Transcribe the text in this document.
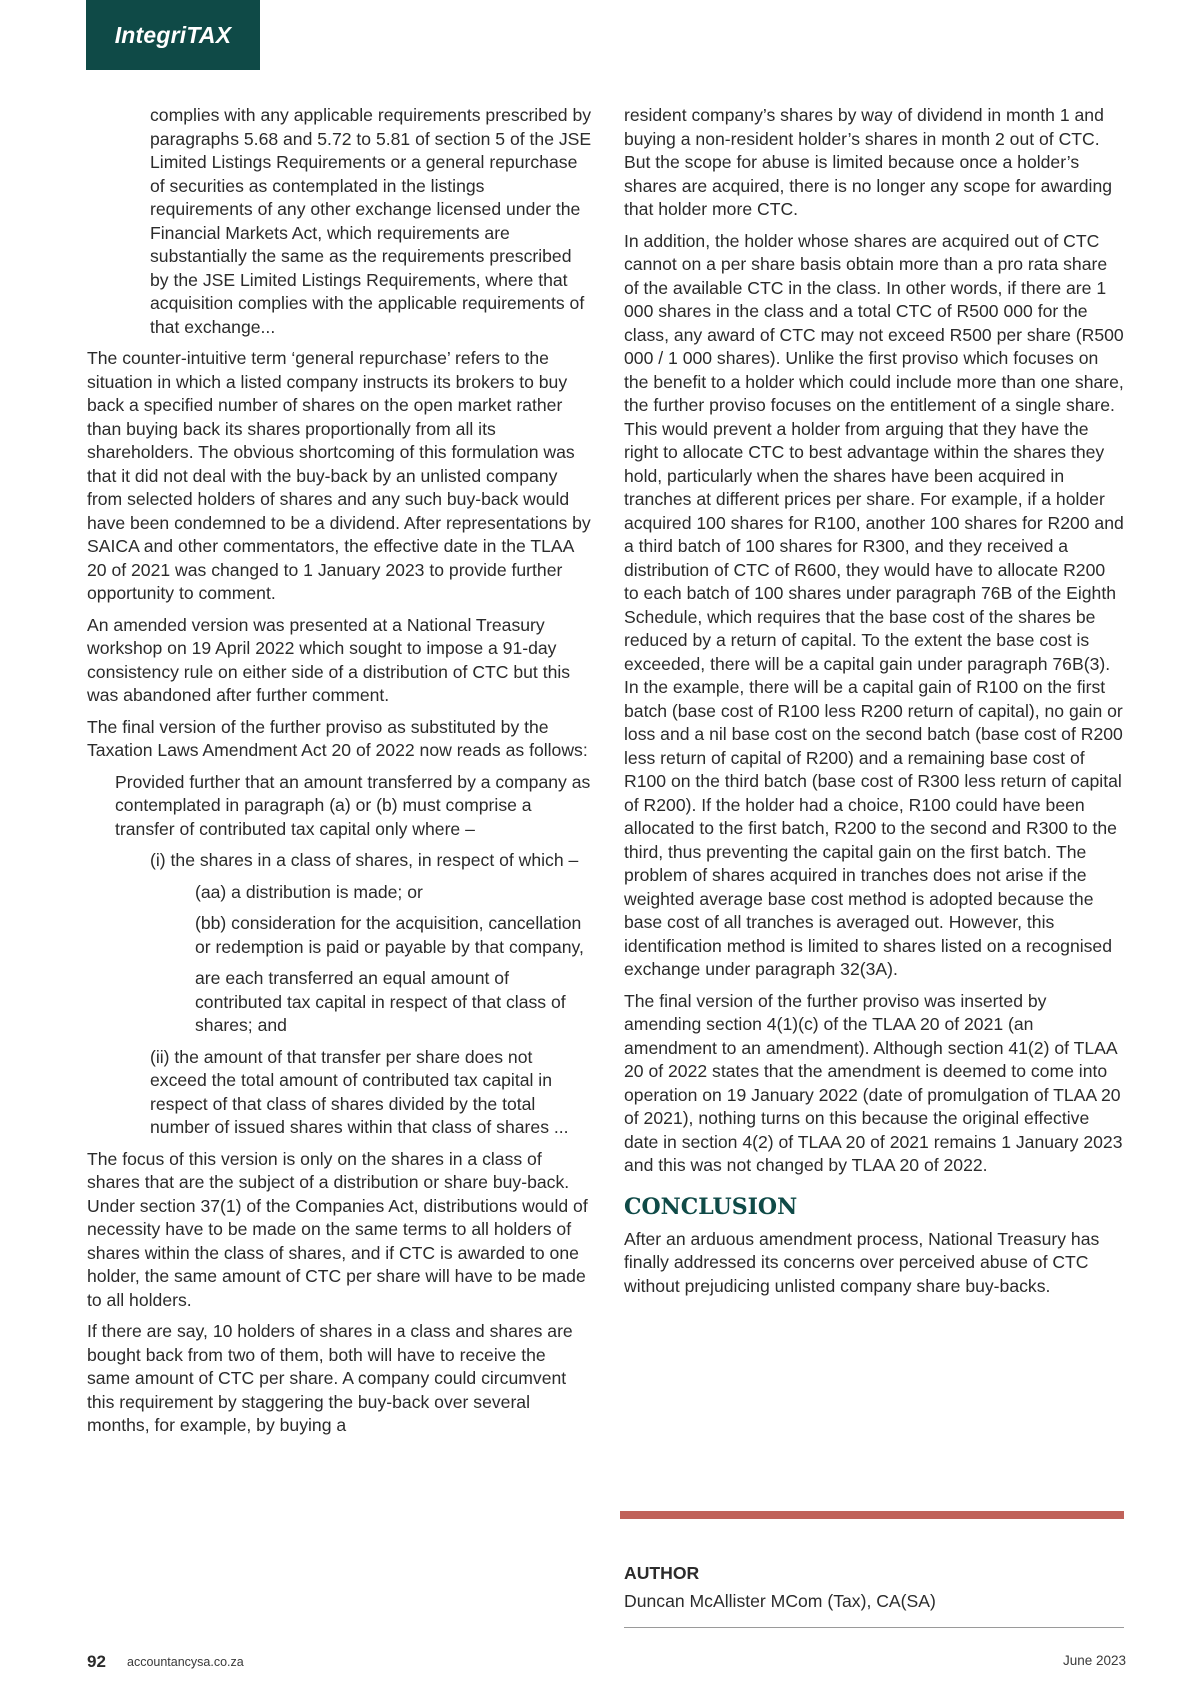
IntegriTAX

complies with any applicable requirements prescribed by paragraphs 5.68 and 5.72 to 5.81 of section 5 of the JSE Limited Listings Requirements or a general repurchase of securities as contemplated in the listings requirements of any other exchange licensed under the Financial Markets Act, which requirements are substantially the same as the requirements prescribed by the JSE Limited Listings Requirements, where that acquisition complies with the applicable requirements of that exchange...

The counter-intuitive term ‘general repurchase’ refers to the situation in which a listed company instructs its brokers to buy back a specified number of shares on the open market rather than buying back its shares proportionally from all its shareholders. The obvious shortcoming of this formulation was that it did not deal with the buy-back by an unlisted company from selected holders of shares and any such buy-back would have been condemned to be a dividend. After representations by SAICA and other commentators, the effective date in the TLAA 20 of 2021 was changed to 1 January 2023 to provide further opportunity to comment.

An amended version was presented at a National Treasury workshop on 19 April 2022 which sought to impose a 91-day consistency rule on either side of a distribution of CTC but this was abandoned after further comment.

The final version of the further proviso as substituted by the Taxation Laws Amendment Act 20 of 2022 now reads as follows:

Provided further that an amount transferred by a company as contemplated in paragraph (a) or (b) must comprise a transfer of contributed tax capital only where –

(i) the shares in a class of shares, in respect of which –

(aa) a distribution is made; or

(bb) consideration for the acquisition, cancellation or redemption is paid or payable by that company,

are each transferred an equal amount of contributed tax capital in respect of that class of shares; and

(ii) the amount of that transfer per share does not exceed the total amount of contributed tax capital in respect of that class of shares divided by the total number of issued shares within that class of shares ...

The focus of this version is only on the shares in a class of shares that are the subject of a distribution or share buy-back. Under section 37(1) of the Companies Act, distributions would of necessity have to be made on the same terms to all holders of shares within the class of shares, and if CTC is awarded to one holder, the same amount of CTC per share will have to be made to all holders.

If there are say, 10 holders of shares in a class and shares are bought back from two of them, both will have to receive the same amount of CTC per share. A company could circumvent this requirement by staggering the buy-back over several months, for example, by buying a

resident company’s shares by way of dividend in month 1 and buying a non-resident holder’s shares in month 2 out of CTC. But the scope for abuse is limited because once a holder’s shares are acquired, there is no longer any scope for awarding that holder more CTC.

In addition, the holder whose shares are acquired out of CTC cannot on a per share basis obtain more than a pro rata share of the available CTC in the class. In other words, if there are 1 000 shares in the class and a total CTC of R500 000 for the class, any award of CTC may not exceed R500 per share (R500 000 / 1 000 shares). Unlike the first proviso which focuses on the benefit to a holder which could include more than one share, the further proviso focuses on the entitlement of a single share. This would prevent a holder from arguing that they have the right to allocate CTC to best advantage within the shares they hold, particularly when the shares have been acquired in tranches at different prices per share. For example, if a holder acquired 100 shares for R100, another 100 shares for R200 and a third batch of 100 shares for R300, and they received a distribution of CTC of R600, they would have to allocate R200 to each batch of 100 shares under paragraph 76B of the Eighth Schedule, which requires that the base cost of the shares be reduced by a return of capital. To the extent the base cost is exceeded, there will be a capital gain under paragraph 76B(3). In the example, there will be a capital gain of R100 on the first batch (base cost of R100 less R200 return of capital), no gain or loss and a nil base cost on the second batch (base cost of R200 less return of capital of R200) and a remaining base cost of R100 on the third batch (base cost of R300 less return of capital of R200). If the holder had a choice, R100 could have been allocated to the first batch, R200 to the second and R300 to the third, thus preventing the capital gain on the first batch. The problem of shares acquired in tranches does not arise if the weighted average base cost method is adopted because the base cost of all tranches is averaged out. However, this identification method is limited to shares listed on a recognised exchange under paragraph 32(3A).

The final version of the further proviso was inserted by amending section 4(1)(c) of the TLAA 20 of 2021 (an amendment to an amendment). Although section 41(2) of TLAA 20 of 2022 states that the amendment is deemed to come into operation on 19 January 2022 (date of promulgation of TLAA 20 of 2021), nothing turns on this because the original effective date in section 4(2) of TLAA 20 of 2021 remains 1 January 2023 and this was not changed by TLAA 20 of 2022.

CONCLUSION

After an arduous amendment process, National Treasury has finally addressed its concerns over perceived abuse of CTC without prejudicing unlisted company share buy-backs.

AUTHOR
Duncan McAllister MCom (Tax), CA(SA)
92 accountancysa.co.za	June 2023
